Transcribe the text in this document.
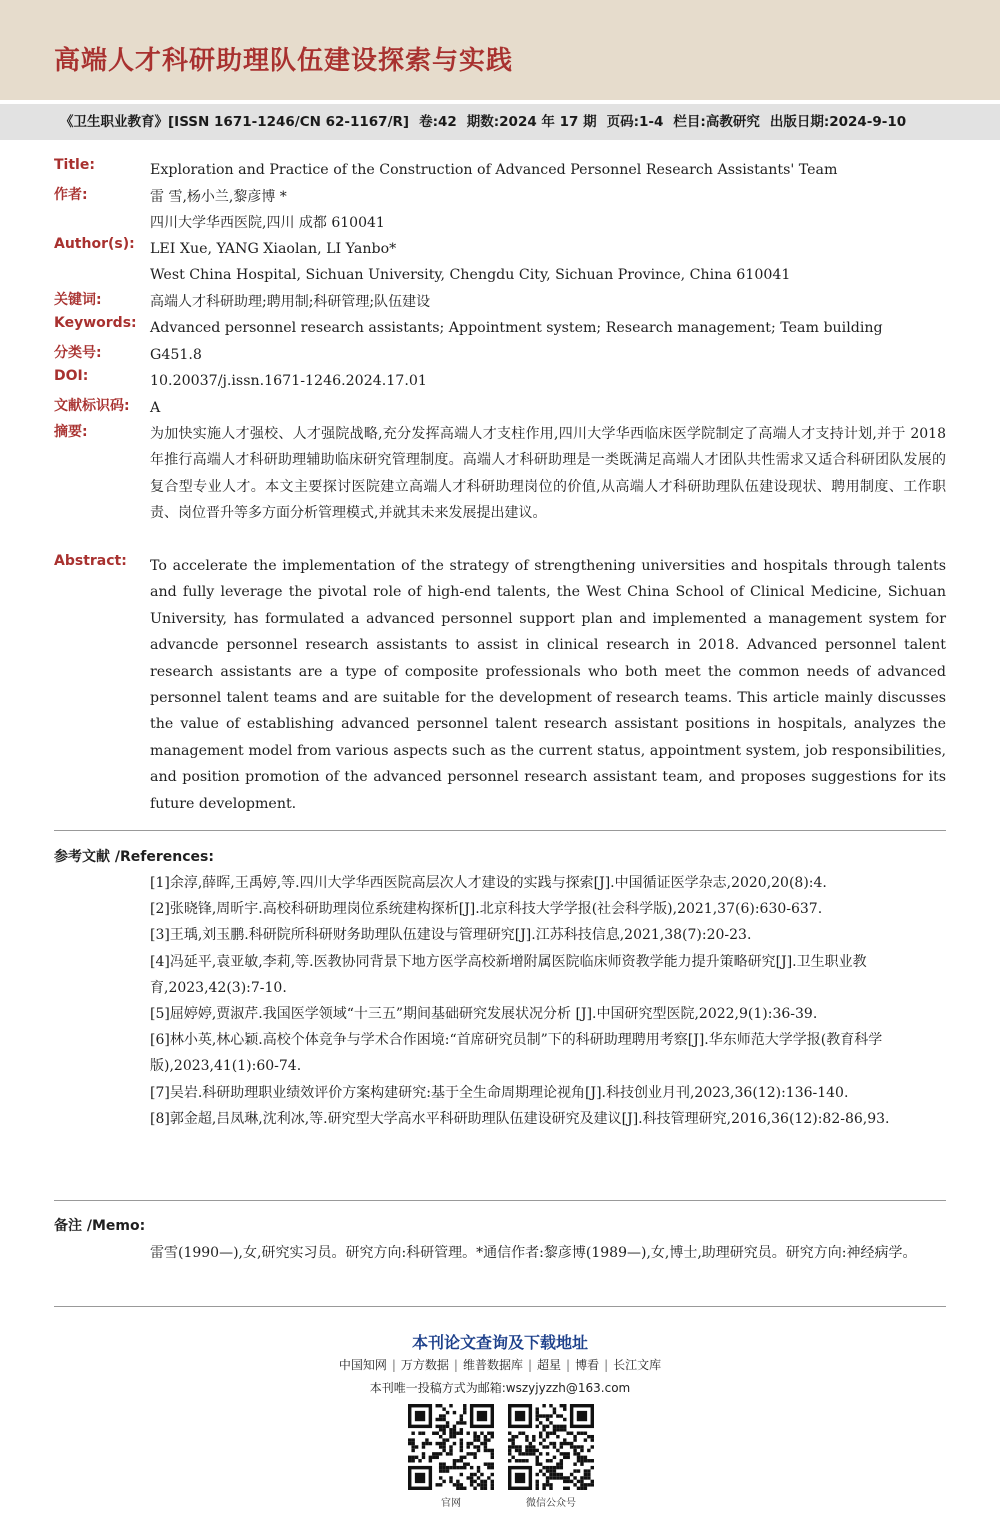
高端人才科研助理队伍建设探索与实践
《卫生职业教育》[ISSN 1671-1246/CN 62-1167/R] 卷:42 期数:2024 年 17 期 页码:1-4 栏目:高教研究 出版日期:2024-9-10
Title:	Exploration and Practice of the Construction of Advanced Personnel Research Assistants' Team
作者:	雷 雪,杨小兰,黎彦博 *
四川大学华西医院,四川 成都 610041
Author(s): LEI Xue, YANG Xiaolan, LI Yanbo*
West China Hospital, Sichuan University, Chengdu City, Sichuan Province, China 610041
关键词:	高端人才科研助理;聘用制;科研管理;队伍建设
Keywords: Advanced personnel research assistants; Appointment system; Research management; Team building
分类号:	G451.8
DOI:	10.20037/j.issn.1671-1246.2024.17.01
文献标识码: A
摘要:	为加快实施人才强校、人才强院战略,充分发挥高端人才支柱作用,四川大学华西临床医学院制定了高端人才支持计划,并于 2018 年推行高端人才科研助理辅助临床研究管理制度。高端人才科研助理是一类既满足高端人才团队共性需求又适合科研团队发展的复合型专业人才。本文主要探讨医院建立高端人才科研助理岗位的价值,从高端人才科研助理队伍建设现状、聘用制度、工作职责、岗位晋升等多方面分析管理模式,并就其未来发展提出建议。
Abstract: To accelerate the implementation of the strategy of strengthening universities and hospitals through talents and fully leverage the pivotal role of high-end talents, the West China School of Clinical Medicine, Sichuan University, has formulated a advanced personnel support plan and implemented a management system for advancde personnel research assistants to assist in clinical research in 2018. Advanced personnel talent research assistants are a type of composite professionals who both meet the common needs of advanced personnel talent teams and are suitable for the development of research teams. This article mainly discusses the value of establishing advanced personnel talent research assistant positions in hospitals, analyzes the management model from various aspects such as the current status, appointment system, job responsibilities, and position promotion of the advanced personnel research assistant team, and proposes suggestions for its future development.
参考文献 /References:
[1]余淳,薛晖,王禹婷,等.四川大学华西医院高层次人才建设的实践与探索[J].中国循证医学杂志,2020,20(8):4.
[2]张晓锋,周昕宇.高校科研助理岗位系统建构探析[J].北京科技大学学报(社会科学版),2021,37(6):630-637.
[3]王瑀,刘玉鹏.科研院所科研财务助理队伍建设与管理研究[J].江苏科技信息,2021,38(7):20-23.
[4]冯延平,袁亚敏,李莉,等.医教协同背景下地方医学高校新增附属医院临床师资教学能力提升策略研究[J].卫生职业教育,2023,42(3):7-10.
[5]屈婷婷,贾淑芹.我国医学领域“十三五”期间基础研究发展状况分析 [J].中国研究型医院,2022,9(1):36-39.
[6]林小英,林心颖.高校个体竞争与学术合作困境:“首席研究员制”下的科研助理聘用考察[J].华东师范大学学报(教育科学版),2023,41(1):60-74.
[7]吴岩.科研助理职业绩效评价方案构建研究:基于全生命周期理论视角[J].科技创业月刊,2023,36(12):136-140.
[8]郭金超,吕凤琳,沈利冰,等.研究型大学高水平科研助理队伍建设研究及建议[J].科技管理研究,2016,36(12):82-86,93.
备注 /Memo:
雷雪(1990—),女,研究实习员。研究方向:科研管理。*通信作者:黎彦博(1989—),女,博士,助理研究员。研究方向:神经病学。
本刊论文查询及下载地址
中国知网 | 万方数据 | 维普数据库 | 超星 | 博看 | 长江文库
本刊唯一投稿方式为邮箱:wszyjyzzh@163.com
官网	微信公众号
